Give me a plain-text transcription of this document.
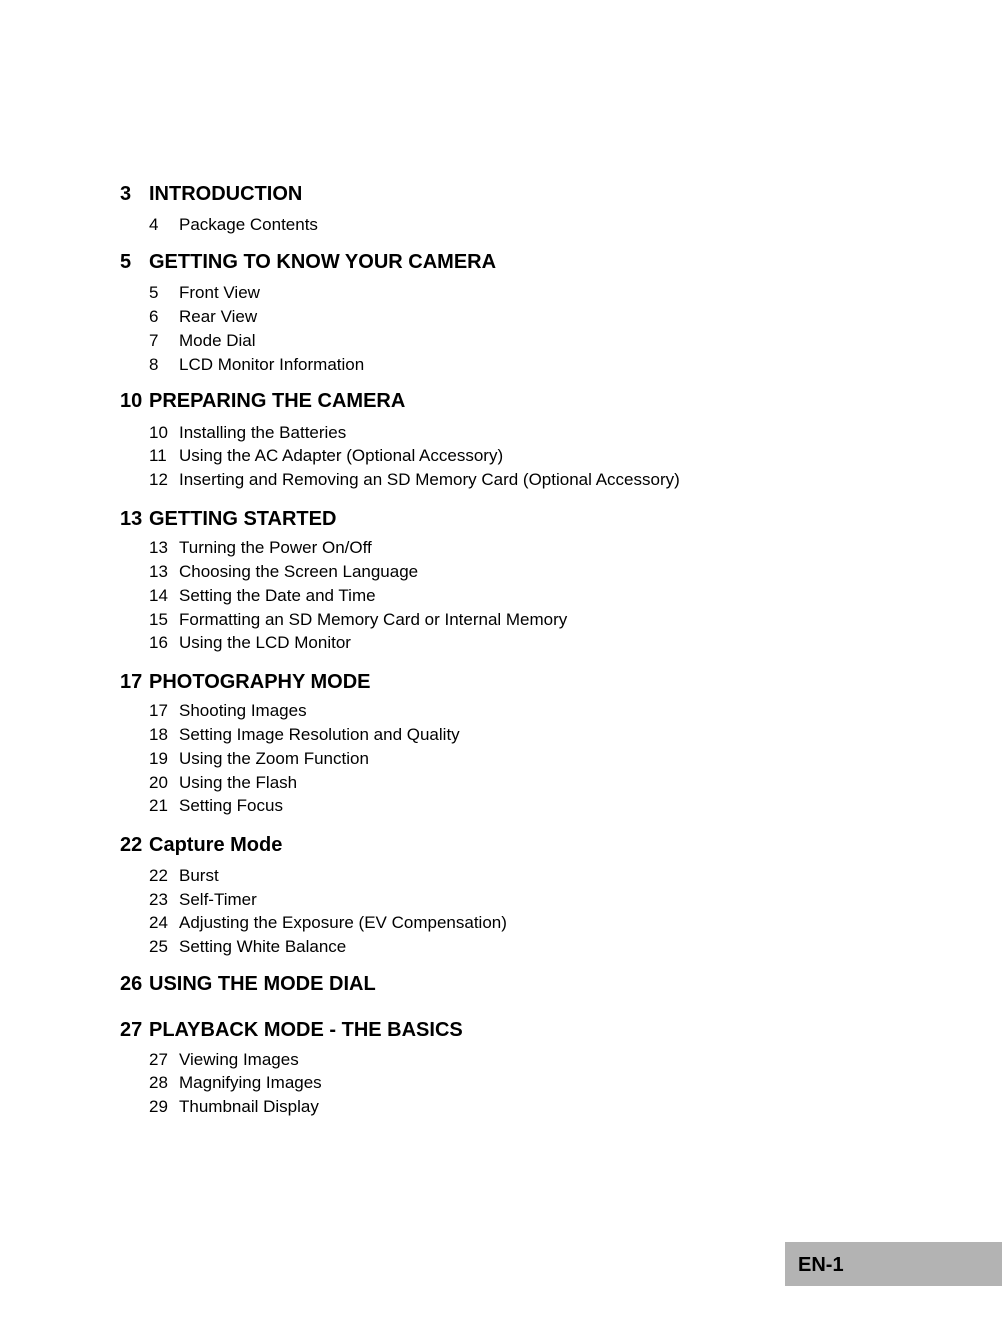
3 INTRODUCTION
4 Package Contents
5 GETTING TO KNOW YOUR CAMERA
5 Front View
6 Rear View
7 Mode Dial
8 LCD Monitor Information
10 PREPARING THE CAMERA
10 Installing the Batteries
11 Using the AC Adapter (Optional Accessory)
12 Inserting and Removing an SD Memory Card (Optional Accessory)
13 GETTING STARTED
13 Turning the Power On/Off
13 Choosing the Screen Language
14 Setting the Date and Time
15 Formatting an SD Memory Card or Internal Memory
16 Using the LCD Monitor
17 PHOTOGRAPHY MODE
17 Shooting Images
18 Setting Image Resolution and Quality
19 Using the Zoom Function
20 Using the Flash
21 Setting Focus
22 Capture Mode
22 Burst
23 Self-Timer
24 Adjusting the Exposure (EV Compensation)
25 Setting White Balance
26 USING THE MODE DIAL
27 PLAYBACK MODE - THE BASICS
27 Viewing Images
28 Magnifying Images
29 Thumbnail Display
EN-1
